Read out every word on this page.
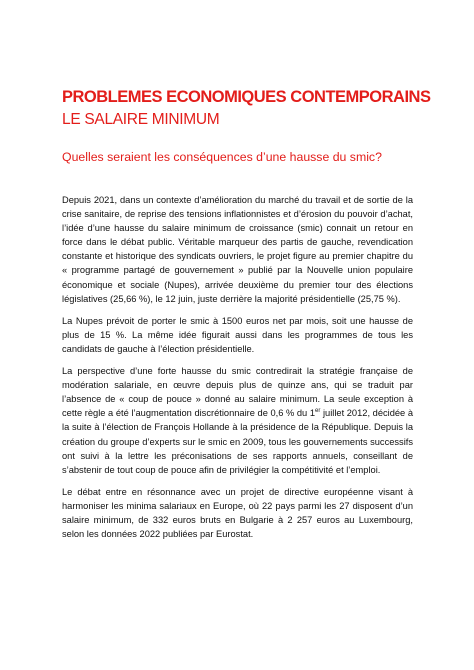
PROBLEMES ECONOMIQUES CONTEMPORAINS
LE SALAIRE MINIMUM
Quelles seraient les conséquences d’une hausse du smic?

Depuis 2021, dans un contexte d’amélioration du marché du travail et de sortie de la crise sanitaire, de reprise des tensions inflationnistes et d’érosion du pouvoir d’achat, l’idée d’une hausse du salaire minimum de croissance (smic) connait un retour en force dans le débat public. Véritable marqueur des partis de gauche, revendication constante et historique des syndicats ouvriers, le projet figure au premier chapitre du « programme partagé de gouvernement » publié par la Nouvelle union populaire économique et sociale (Nupes), arrivée deuxième du premier tour des élections législatives (25,66 %), le 12 juin, juste derrière la majorité présidentielle (25,75 %).

La Nupes prévoit de porter le smic à 1500 euros net par mois, soit une hausse de plus de 15 %. La même idée figurait aussi dans les programmes de tous les candidats de gauche à l’élection présidentielle.

La perspective d’une forte hausse du smic contredirait la stratégie française de modération salariale, en œuvre depuis plus de quinze ans, qui se traduit par l’absence de « coup de pouce » donné au salaire minimum. La seule exception à cette règle a été l’augmentation discrétionnaire de 0,6 % du 1er juillet 2012, décidée à la suite à l’élection de François Hollande à la présidence de la République. Depuis la création du groupe d’experts sur le smic en 2009, tous les gouvernements successifs ont suivi à la lettre les préconisations de ses rapports annuels, conseillant de s’abstenir de tout coup de pouce afin de privilégier la compétitivité et l’emploi.

Le débat entre en résonnance avec un projet de directive européenne visant à harmoniser les minima salariaux en Europe, où 22 pays parmi les 27 disposent d’un salaire minimum, de 332 euros bruts en Bulgarie à 2 257 euros au Luxembourg, selon les données 2022 publiées par Eurostat.
